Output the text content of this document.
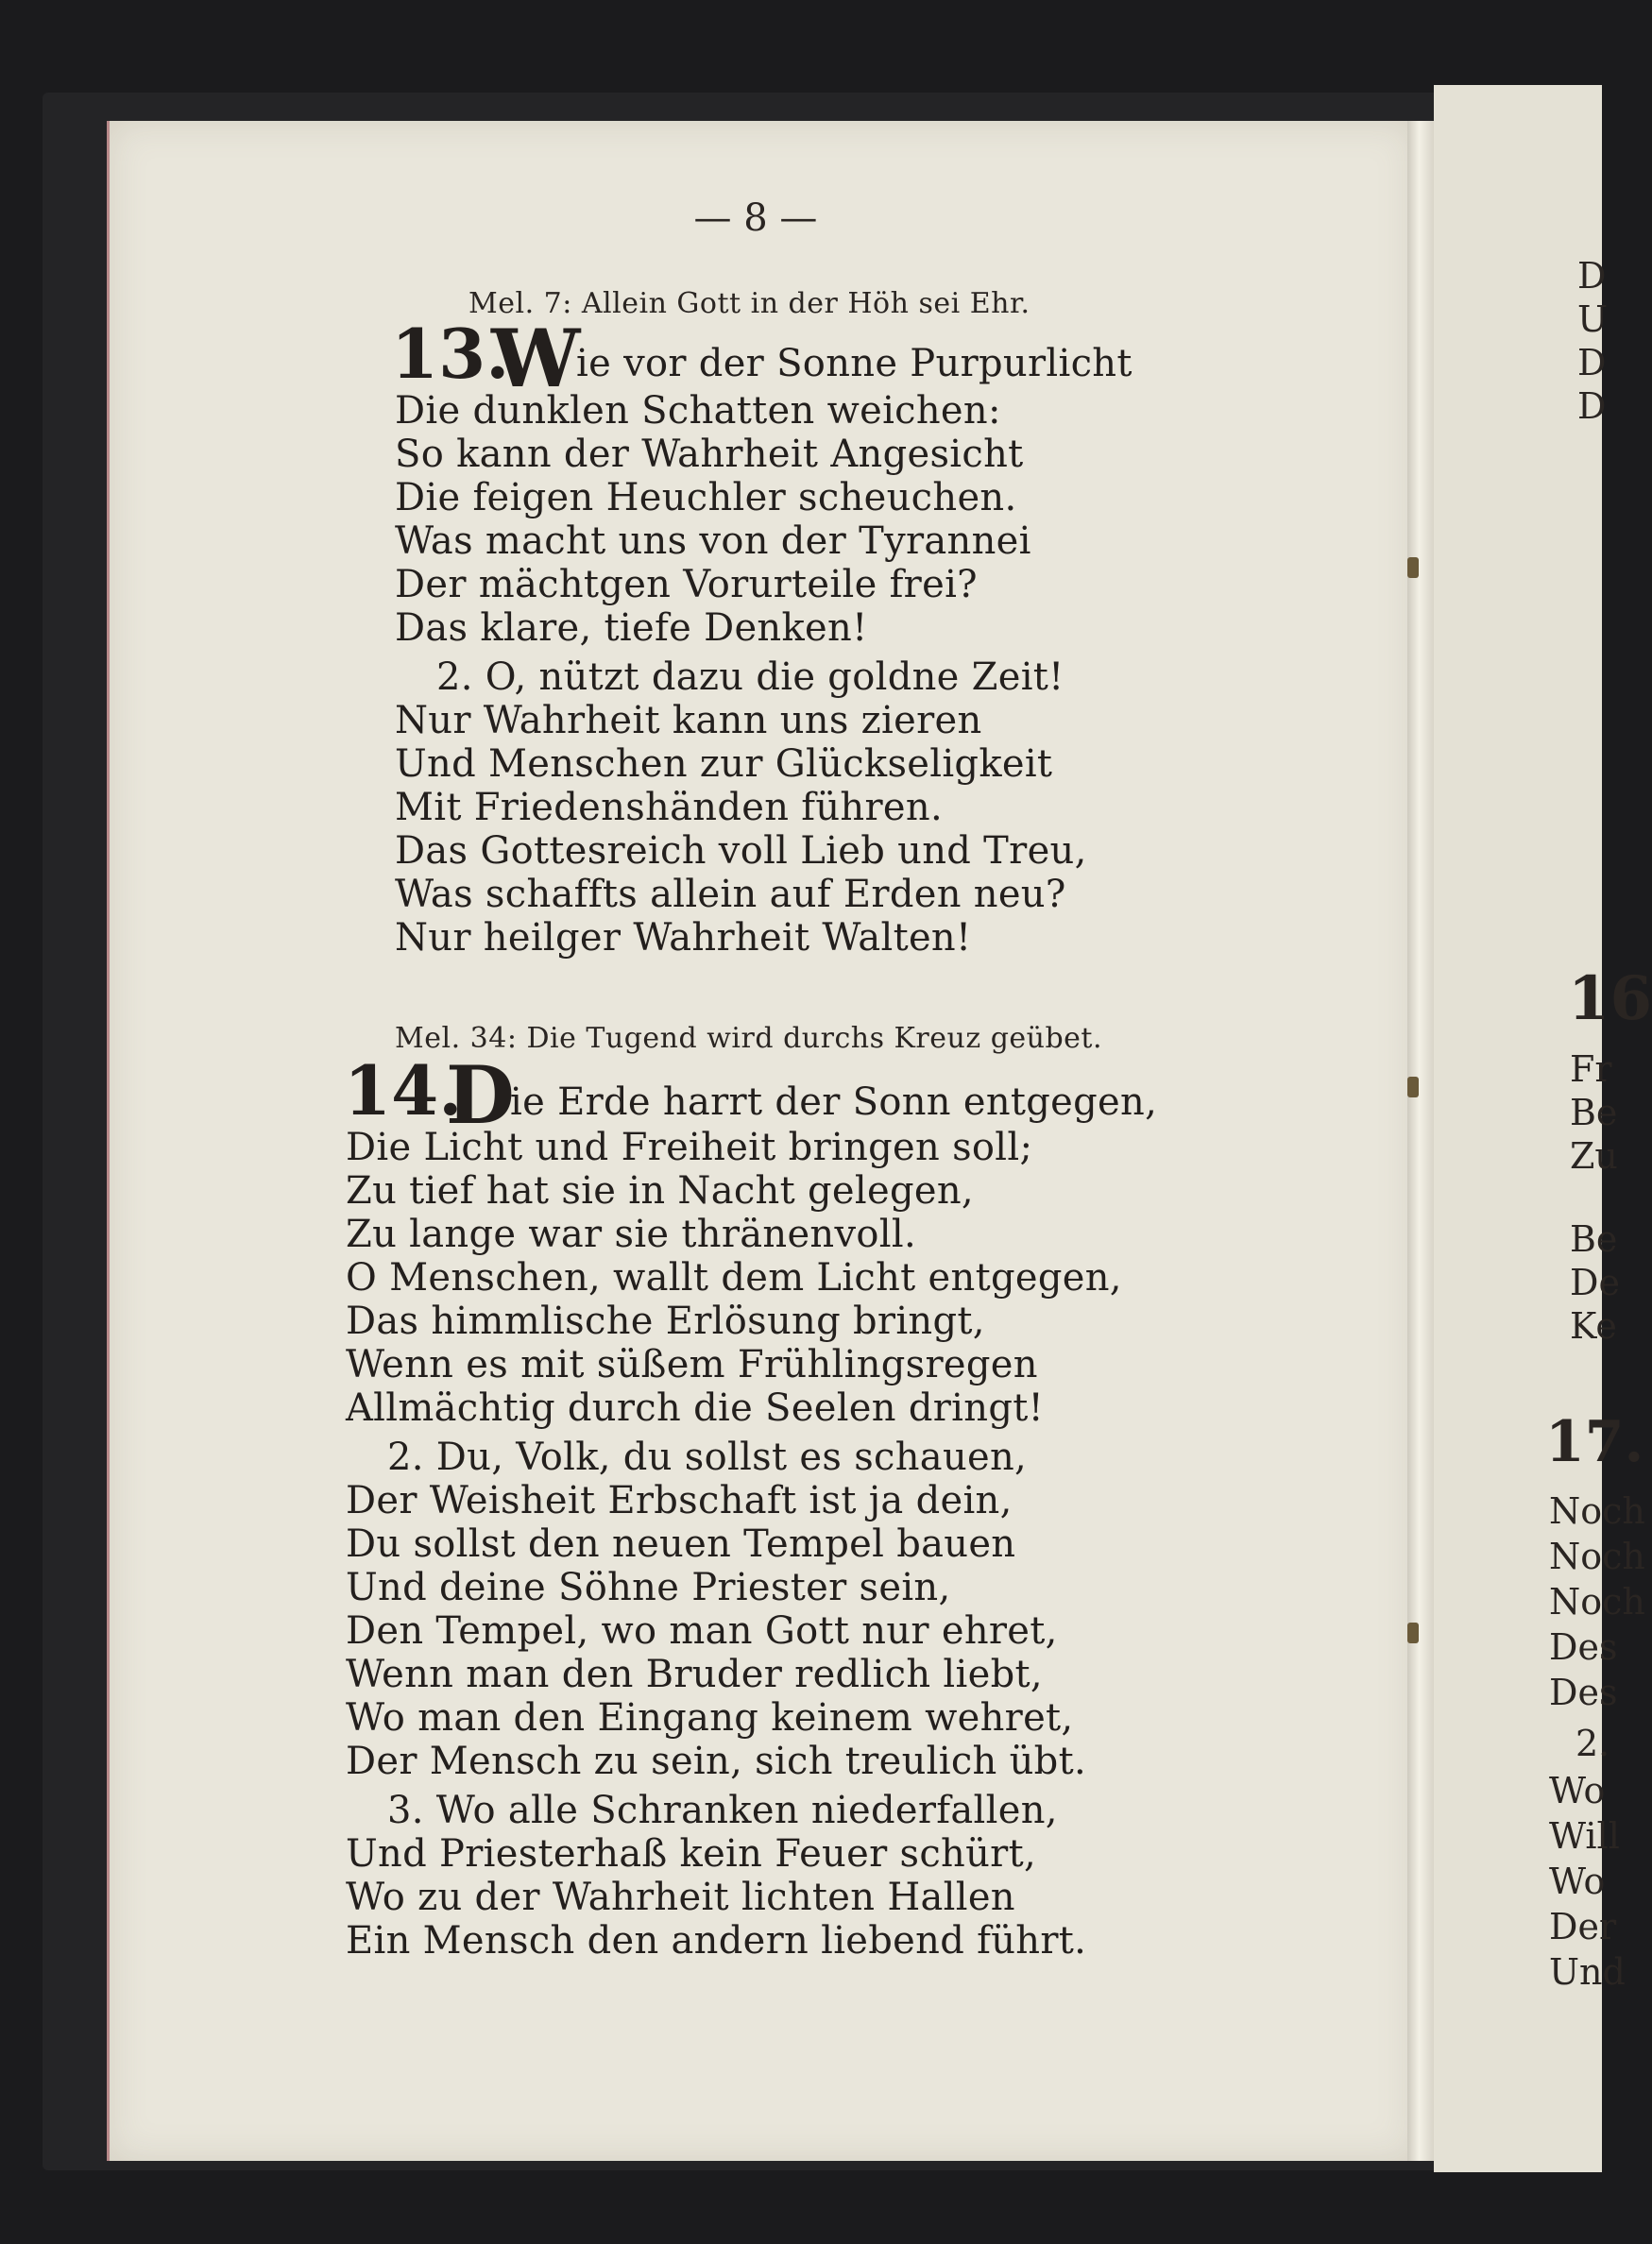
D
U
D
D
16
Fr
Be
Zu
Be
De
Ke
17.
Noch
Noch
Noch
Des
Des
2.
Wo
Will
Wo
Der
Und
— 8 —
Mel. 7: Allein Gott in der Höh sei Ehr.
13.
W
ie vor der Sonne Purpurlicht
Die dunklen Schatten weichen:
So kann der Wahrheit Angesicht
Die feigen Heuchler scheuchen.
Was macht uns von der Tyrannei
Der mächtgen Vorurteile frei?
Das klare, tiefe Denken!
2. O, nützt dazu die goldne Zeit!
Nur Wahrheit kann uns zieren
Und Menschen zur Glückseligkeit
Mit Friedenshänden führen.
Das Gottesreich voll Lieb und Treu,
Was schaffts allein auf Erden neu?
Nur heilger Wahrheit Walten!
Mel. 34: Die Tugend wird durchs Kreuz geübet.
14.
D
ie Erde harrt der Sonn entgegen,
Die Licht und Freiheit bringen soll;
Zu tief hat sie in Nacht gelegen,
Zu lange war sie thränenvoll.
O Menschen, wallt dem Licht entgegen,
Das himmlische Erlösung bringt,
Wenn es mit süßem Frühlingsregen
Allmächtig durch die Seelen dringt!
2. Du, Volk, du sollst es schauen,
Der Weisheit Erbschaft ist ja dein,
Du sollst den neuen Tempel bauen
Und deine Söhne Priester sein,
Den Tempel, wo man Gott nur ehret,
Wenn man den Bruder redlich liebt,
Wo man den Eingang keinem wehret,
Der Mensch zu sein, sich treulich übt.
3. Wo alle Schranken niederfallen,
Und Priesterhaß kein Feuer schürt,
Wo zu der Wahrheit lichten Hallen
Ein Mensch den andern liebend führt.
